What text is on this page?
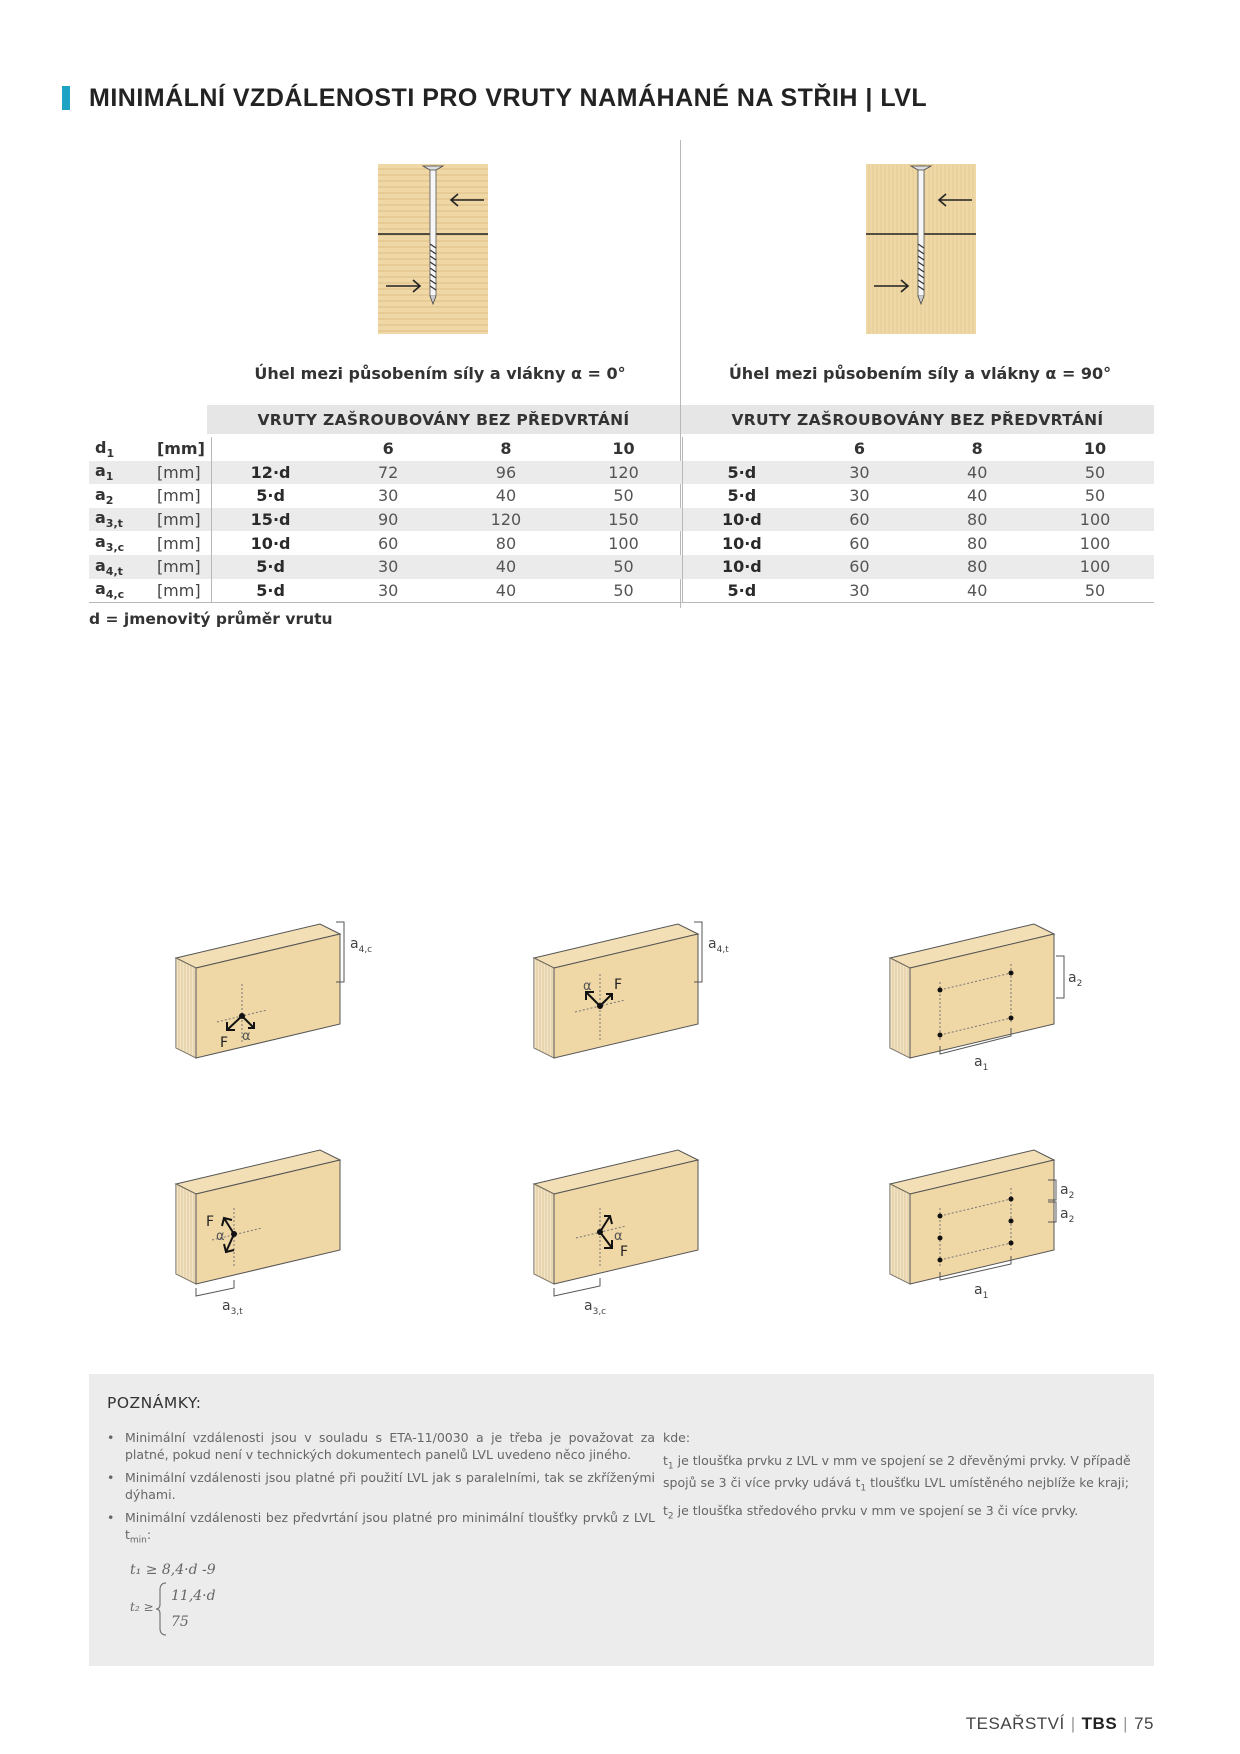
MINIMÁLNÍ VZDÁLENOSTI PRO VRUTY NAMÁHANÉ NA STŘIH | LVL
Úhel mezi působením síly a vlákny α = 0°	Úhel mezi působením síly a vlákny α = 90°
VRUTY ZAŠROUBOVÁNY BEZ PŘEDVRTÁNÍ	VRUTY ZAŠROUBOVÁNY BEZ PŘEDVRTÁNÍ
$d_1$	[mm]		6	8	10		6	8	10
$a_1$	[mm]	12·d	72	96	120	5·d	30	40	50
$a_2$	[mm]	5·d	30	40	50	5·d	30	40	50
$a_{3,t}$	[mm]	15·d	90	120	150	10·d	60	80	100
$a_{3,c}$	[mm]	10·d	60	80	100	10·d	60	80	100
$a_{4,t}$	[mm]	5·d	30	40	50	10·d	60	80	100
$a_{4,c}$	[mm]	5·d	30	40	50	5·d	30	40	50
d = jmenovitý průměr vrutu
F α
$a_{4,c}$
F
α
$a_{4,t}$
$a_2$
$a_1$
F
α
$a_{3,t}$
F
α
$a_{3,c}$
$a_2$
$a_2$
$a_1$
POZNÁMKY:
• Minimální vzdálenosti jsou v souladu s ETA-11/0030 a je třeba je považovat za platné, pokud není v technických dokumentech panelů LVL uvedeno něco jiného.
• Minimální vzdálenosti jsou platné při použití LVL jak s paralelními, tak se zkříženými dýhami.
• Minimální vzdálenosti bez předvrtání jsou platné pro minimální tloušťky prvků z LVL $t_{min}$:
t₁ ≥ 8,4·d -9
t₂ ≥
11,4·d
75

kde:

$t_1$ je tloušťka prvku z LVL v mm ve spojení se 2 dřevěnými prvky. V případě spojů se 3 či více prvky udává $t_1$ tloušťku LVL umístěného nejblíže ke kraji;

$t_2$ je tloušťka středového prvku v mm ve spojení se 3 či více prvky.

TESAŘSTVÍ | TBS | 75
